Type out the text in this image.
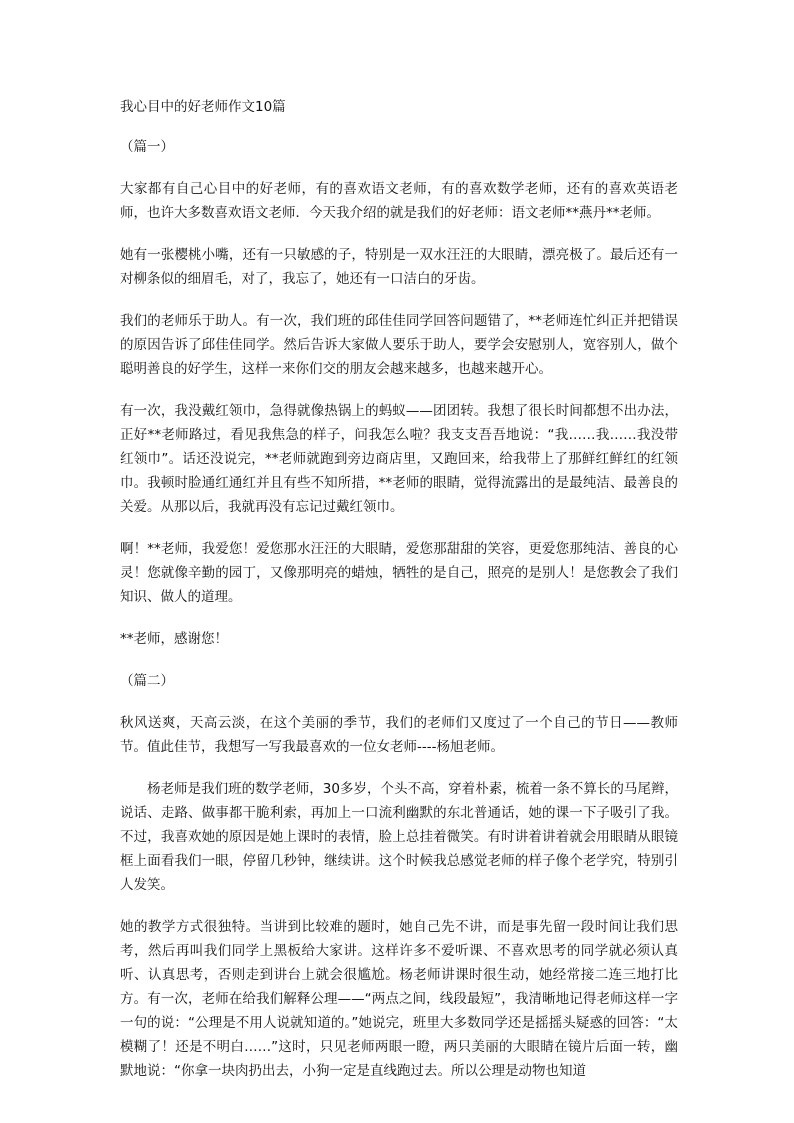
我心目中的好老师作文10篇

（篇一）

大家都有自己心目中的好老师，有的喜欢语文老师，有的喜欢数学老师，还有的喜欢英语老师，也许大多数喜欢语文老师．今天我介绍的就是我们的好老师：语文老师**燕丹**老师。

她有一张樱桃小嘴，还有一只敏感的子，特别是一双水汪汪的大眼睛，漂亮极了。最后还有一对柳条似的细眉毛，对了，我忘了，她还有一口洁白的牙齿。

我们的老师乐于助人。有一次，我们班的邱佳佳同学回答问题错了，**老师连忙纠正并把错误的原因告诉了邱佳佳同学。然后告诉大家做人要乐于助人，要学会安慰别人，宽容别人，做个聪明善良的好学生，这样一来你们交的朋友会越来越多，也越来越开心。

有一次，我没戴红领巾，急得就像热锅上的蚂蚁——团团转。我想了很长时间都想不出办法，正好**老师路过，看见我焦急的样子，问我怎么啦？我支支吾吾地说：“我……我……我没带红领巾”。话还没说完，**老师就跑到旁边商店里，又跑回来，给我带上了那鲜红鲜红的红领巾。我顿时脸通红通红并且有些不知所措，**老师的眼睛，觉得流露出的是最纯洁、最善良的关爱。从那以后，我就再没有忘记过戴红领巾。

啊！**老师，我爱您！爱您那水汪汪的大眼睛，爱您那甜甜的笑容，更爱您那纯洁、善良的心灵！您就像辛勤的园丁，又像那明亮的蜡烛，牺牲的是自己，照亮的是别人！是您教会了我们知识、做人的道理。

**老师，感谢您！

（篇二）

秋风送爽，天高云淡，在这个美丽的季节，我们的老师们又度过了一个自己的节日——教师节。值此佳节，我想写一写我最喜欢的一位女老师----杨旭老师。

杨老师是我们班的数学老师，30多岁，个头不高，穿着朴素，梳着一条不算长的马尾辫，说话、走路、做事都干脆利索，再加上一口流利幽默的东北普通话，她的课一下子吸引了我。不过，我喜欢她的原因是她上课时的表情，脸上总挂着微笑。有时讲着讲着就会用眼睛从眼镜框上面看我们一眼，停留几秒钟，继续讲。这个时候我总感觉老师的样子像个老学究，特别引人发笑。

她的教学方式很独特。当讲到比较难的题时，她自己先不讲，而是事先留一段时间让我们思考，然后再叫我们同学上黑板给大家讲。这样许多不爱听课、不喜欢思考的同学就必须认真听、认真思考，否则走到讲台上就会很尴尬。杨老师讲课时很生动，她经常接二连三地打比方。有一次，老师在给我们解释公理——“两点之间，线段最短”，我清晰地记得老师这样一字一句的说：“公理是不用人说就知道的。”她说完，班里大多数同学还是摇摇头疑惑的回答：“太模糊了！还是不明白……”这时，只见老师两眼一瞪，两只美丽的大眼睛在镜片后面一转，幽默地说：“你拿一块肉扔出去，小狗一定是直线跑过去。所以公理是动物也知道
